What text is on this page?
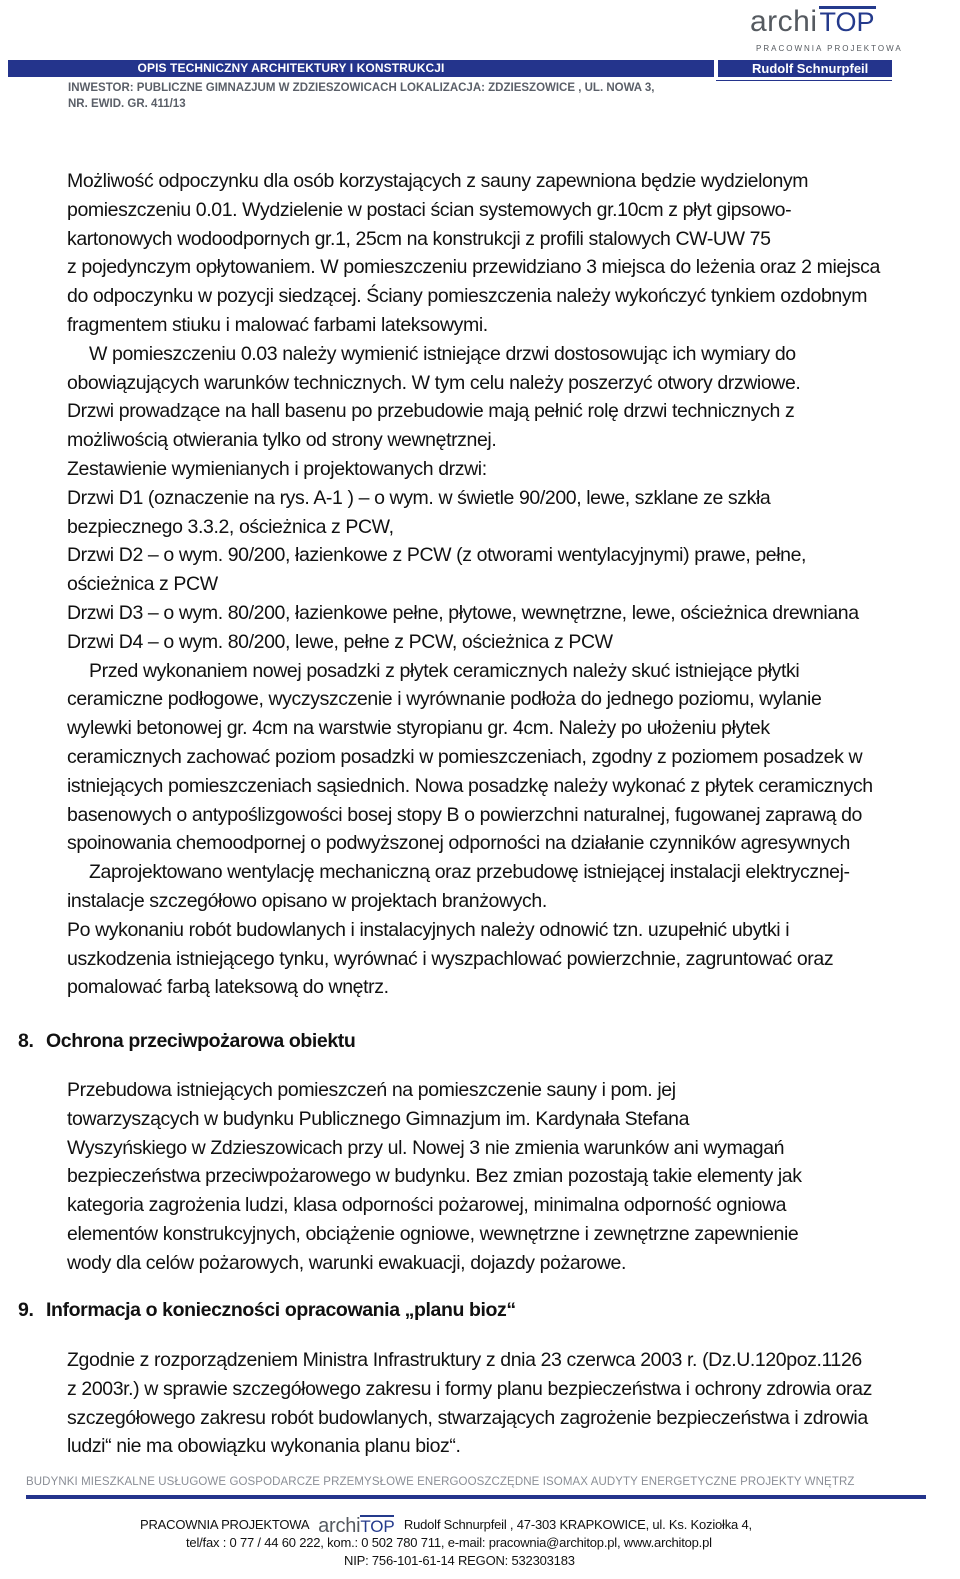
archiTOP
PRACOWNIA PROJEKTOWA
OPIS TECHNICZNY ARCHITEKTURY I KONSTRUKCJI	Rudolf Schnurpfeil
INWESTOR: PUBLICZNE GIMNAZJUM W ZDZIESZOWICACH LOKALIZACJA: ZDZIESZOWICE , UL. NOWA 3,
NR. EWID. GR. 411/13
Możliwość odpoczynku dla osób korzystających z sauny zapewniona będzie wydzielonym
pomieszczeniu 0.01. Wydzielenie w postaci ścian systemowych gr.10cm z płyt gipsowo-
kartonowych wodoodpornych gr.1, 25cm na konstrukcji z profili stalowych CW-UW 75
z pojedynczym opłytowaniem. W pomieszczeniu przewidziano 3 miejsca do leżenia oraz 2 miejsca
do odpoczynku w pozycji siedzącej. Ściany pomieszczenia należy wykończyć tynkiem ozdobnym
fragmentem stiuku i malować farbami lateksowymi.
W pomieszczeniu 0.03 należy wymienić istniejące drzwi dostosowując ich wymiary do
obowiązujących warunków technicznych. W tym celu należy poszerzyć otwory drzwiowe.
Drzwi prowadzące na hall basenu po przebudowie mają pełnić rolę drzwi technicznych z
możliwością otwierania tylko od strony wewnętrznej.
Zestawienie wymienianych i projektowanych drzwi:
Drzwi D1 (oznaczenie na rys. A-1 ) – o wym. w świetle 90/200, lewe, szklane ze szkła
bezpiecznego 3.3.2, ościeżnica z PCW,
Drzwi D2 – o wym. 90/200, łazienkowe z PCW (z otworami wentylacyjnymi) prawe, pełne,
ościeżnica z PCW
Drzwi D3 – o wym. 80/200, łazienkowe pełne, płytowe, wewnętrzne, lewe, ościeżnica drewniana
Drzwi D4 – o wym. 80/200, lewe, pełne z PCW, ościeżnica z PCW
Przed wykonaniem nowej posadzki z płytek ceramicznych należy skuć istniejące płytki
ceramiczne podłogowe, wyczyszczenie i wyrównanie podłoża do jednego poziomu, wylanie
wylewki betonowej gr. 4cm na warstwie styropianu gr. 4cm. Należy po ułożeniu płytek
ceramicznych zachować poziom posadzki w pomieszczeniach, zgodny z poziomem posadzek w
istniejących pomieszczeniach sąsiednich. Nowa posadzkę należy wykonać z płytek ceramicznych
basenowych o antypoślizgowości bosej stopy B o powierzchni naturalnej, fugowanej zaprawą do
spoinowania chemoodpornej o podwyższonej odporności na działanie czynników agresywnych
Zaprojektowano wentylację mechaniczną oraz przebudowę istniejącej instalacji elektrycznej-
instalacje szczegółowo opisano w projektach branżowych.
Po wykonaniu robót budowlanych i instalacyjnych należy odnowić tzn. uzupełnić ubytki i
uszkodzenia istniejącego tynku, wyrównać i wyszpachlować powierzchnie, zagruntować oraz
pomalować farbą lateksową do wnętrz.
8. Ochrona przeciwpożarowa obiektu
Przebudowa istniejących pomieszczeń na pomieszczenie sauny i pom. jej
towarzyszących w budynku Publicznego Gimnazjum im. Kardynała Stefana
Wyszyńskiego w Zdzieszowicach przy ul. Nowej 3 nie zmienia warunków ani wymagań
bezpieczeństwa przeciwpożarowego w budynku. Bez zmian pozostają takie elementy jak
kategoria zagrożenia ludzi, klasa odporności pożarowej, minimalna odporność ogniowa
elementów konstrukcyjnych, obciążenie ogniowe, wewnętrzne i zewnętrzne zapewnienie
wody dla celów pożarowych, warunki ewakuacji, dojazdy pożarowe.
9. Informacja o konieczności opracowania „planu bioz“
Zgodnie z rozporządzeniem Ministra Infrastruktury z dnia 23 czerwca 2003 r. (Dz.U.120poz.1126
z 2003r.) w sprawie szczegółowego zakresu i formy planu bezpieczeństwa i ochrony zdrowia oraz
szczegółowego zakresu robót budowlanych, stwarzających zagrożenie bezpieczeństwa i zdrowia
ludzi“ nie ma obowiązku wykonania planu bioz“.
BUDYNKI MIESZKALNE USŁUGOWE GOSPODARCZE PRZEMYSŁOWE ENERGOOSZCZĘDNE ISOMAX AUDYTY ENERGETYCZNE PROJEKTY WNĘTRZ
PRACOWNIA PROJEKTOWA archiTOP Rudolf Schnurpfeil , 47-303 KRAPKOWICE, ul. Ks. Koziołka 4,
tel/fax : 0 77 / 44 60 222, kom.: 0 502 780 711, e-mail: pracownia@architop.pl, www.architop.pl
NIP: 756-101-61-14 REGON: 532303183
